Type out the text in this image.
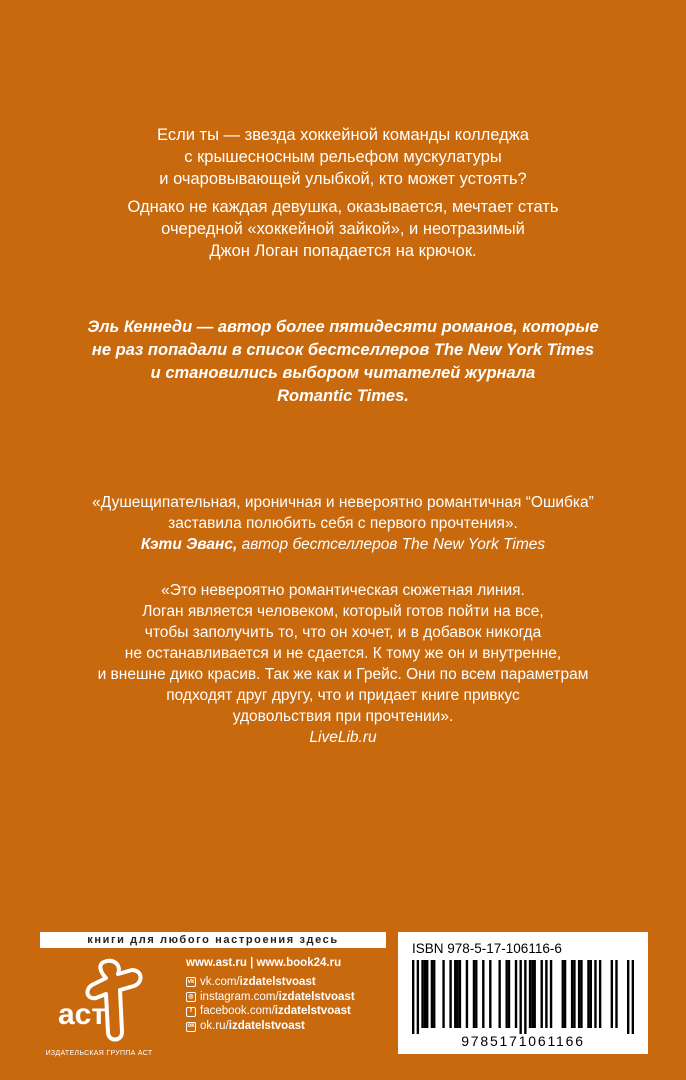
Если ты — звезда хоккейной команды колледжа
с крышесносным рельефом мускулатуры
и очаровывающей улыбкой, кто может устоять?

Однако не каждая девушка, оказывается, мечтает стать
очередной «хоккейной зайкой», и неотразимый
Джон Логан попадается на крючок.

Эль Кеннеди — автор более пятидесяти романов, которые
не раз попадали в список бестселлеров The New York Times
и становились выбором читателей журнала
Romantic Times.
«Душещипательная, ироничная и невероятно романтичная “Ошибка”
заставила полюбить себя с первого прочтения».
Кэти Эванс, автор бестселлеров The New York Times
«Это невероятно романтическая сюжетная линия.
Логан является человеком, который готов пойти на все,
чтобы заполучить то, что он хочет, и в добавок никогда
не останавливается и не сдается. К тому же он и внутренне,
и внешне дико красив. Так же как и Грейс. Они по всем параметрам
подходят друг другу, что и придает книге привкус
удовольствия при прочтении».
LiveLib.ru
книги для любого настроения здесь
аст
ИЗДАТЕЛЬСКАЯ ГРУППА АСТ
www.ast.ru | www.book24.ru
vk vk.com/ izdatelstvoast
◎ instagram.com/ izdatelstvoast
f facebook.com/ izdatelstvoast
ok ok.ru/ izdatelstvoast
ISBN 978-5-17-106116-6
9785171061166
